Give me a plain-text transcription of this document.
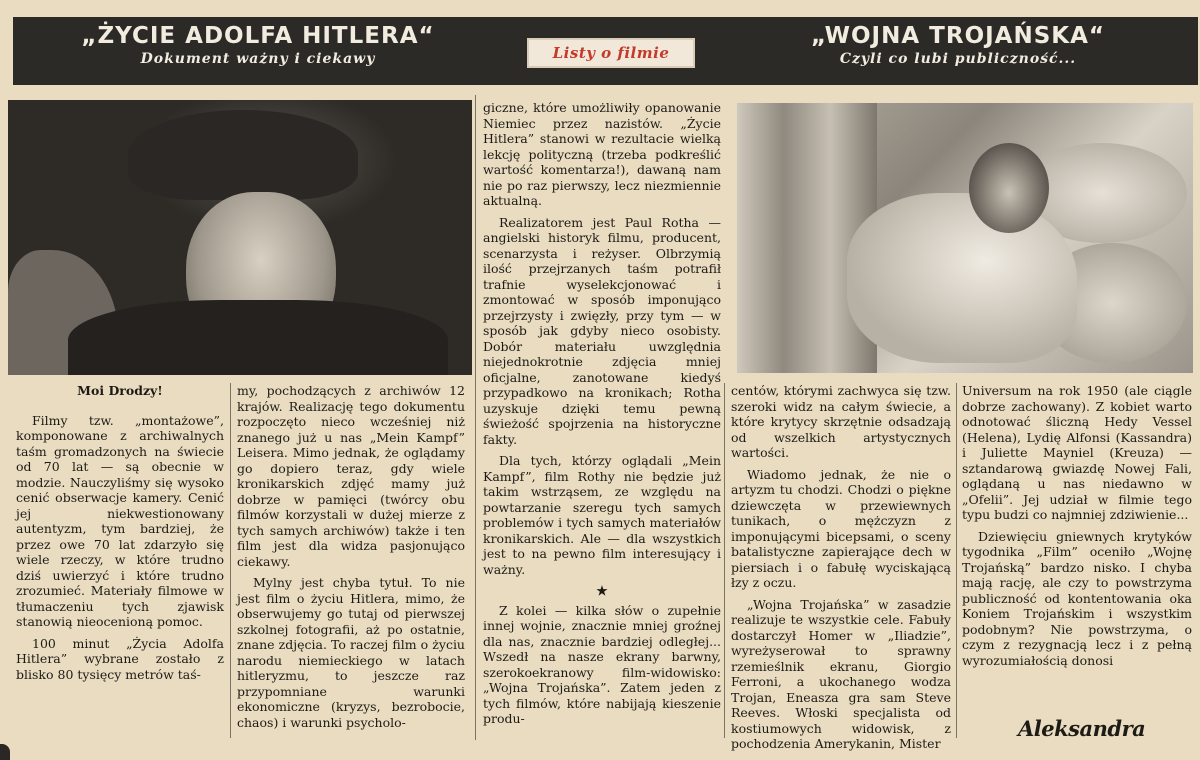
„ŻYCIE ADOLFA HITLERA“
Dokument ważny i ciekawy	Listy o filmie
„WOJNA TROJAŃSKA“
Czyli co lubi publiczność...

Moi Drodzy!

Filmy tzw. „montażowe”, komponowane z archiwalnych taśm gromadzonych na świecie od 70 lat — są obecnie w modzie. Nauczyliśmy się wysoko cenić obserwacje kamery. Cenić jej niekwestionowany autentyzm, tym bardziej, że przez owe 70 lat zdarzyło się wiele rzeczy, w które trudno dziś uwierzyć i które trudno zrozumieć. Materiały filmowe w tłumaczeniu tych zjawisk stanowią nieocenioną pomoc.

100 minut „Życia Adolfa Hitlera” wybrane zostało z blisko 80 tysięcy metrów taś-

my, pochodzących z archiwów 12 krajów. Realizację tego dokumentu rozpoczęto nieco wcześniej niż znanego już u nas „Mein Kampf” Leisera. Mimo jednak, że oglądamy go dopiero teraz, gdy wiele kronikarskich zdjęć mamy już dobrze w pamięci (twórcy obu filmów korzystali w dużej mierze z tych samych archiwów) także i ten film jest dla widza pasjonująco ciekawy.

Mylny jest chyba tytuł. To nie jest film o życiu Hitlera, mimo, że obserwujemy go tutaj od pierwszej szkolnej fotografii, aż po ostatnie, znane zdjęcia. To raczej film o życiu narodu niemieckiego w latach hitleryzmu, to jeszcze raz przypomniane warunki ekonomiczne (kryzys, bezrobocie, chaos) i warunki psycholo-

giczne, które umożliwiły opanowanie Niemiec przez nazistów. „Życie Hitlera” stanowi w rezultacie wielką lekcję polityczną (trzeba podkreślić wartość komentarza!), dawaną nam nie po raz pierwszy, lecz niezmiennie aktualną.

Realizatorem jest Paul Rotha — angielski historyk filmu, producent, scenarzysta i reżyser. Olbrzymią ilość przejrzanych taśm potrafił trafnie wyselekcjonować i zmontować w sposób imponująco przejrzysty i zwięzły, przy tym — w sposób jak gdyby nieco osobisty. Dobór materiału uwzględnia niejednokrotnie zdjęcia mniej oficjalne, zanotowane kiedyś przypadkowo na kronikach; Rotha uzyskuje dzięki temu pewną świeżość spojrzenia na historyczne fakty.

Dla tych, którzy oglądali „Mein Kampf”, film Rothy nie będzie już takim wstrząsem, ze względu na powtarzanie szeregu tych samych problemów i tych samych materiałów kronikarskich. Ale — dla wszystkich jest to na pewno film interesujący i ważny.

★

Z kolei — kilka słów o zupełnie innej wojnie, znacznie mniej groźnej dla nas, znacznie bardziej odległej... Wszedł na nasze ekrany barwny, szerokoekranowy film-widowisko: „Wojna Trojańska”. Zatem jeden z tych filmów, które nabijają kieszenie produ-

centów, którymi zachwyca się tzw. szeroki widz na całym świecie, a które krytycy skrzętnie odsadzają od wszelkich artystycznych wartości.

Wiadomo jednak, że nie o artyzm tu chodzi. Chodzi o piękne dziewczęta w przewiewnych tunikach, o mężczyzn z imponującymi bicepsami, o sceny batalistyczne zapierające dech w piersiach i o fabułę wyciskającą łzy z oczu.

„Wojna Trojańska” w zasadzie realizuje te wszystkie cele. Fabuły dostarczył Homer w „Iliadzie”, wyreżyserował to sprawny rzemieślnik ekranu, Giorgio Ferroni, a ukochanego wodza Trojan, Eneasza gra sam Steve Reeves. Włoski specjalista od kostiumowych widowisk, z pochodzenia Amerykanin, Mister

Universum na rok 1950 (ale ciągle dobrze zachowany). Z kobiet warto odnotować śliczną Hedy Vessel (Helena), Lydię Alfonsi (Kassandra) i Juliette Mayniel (Kreuza) — sztandarową gwiazdę Nowej Fali, oglądaną u nas niedawno w „Ofelii”. Jej udział w filmie tego typu budzi co najmniej zdziwienie...

Dziewięciu gniewnych krytyków tygodnika „Film” oceniło „Wojnę Trojańską” bardzo nisko. I chyba mają rację, ale czy to powstrzyma publiczność od kontentowania oka Koniem Trojańskim i wszystkim podobnym? Nie powstrzyma, o czym z rezygnacją lecz i z pełną wyrozumiałością donosi

Aleksandra
